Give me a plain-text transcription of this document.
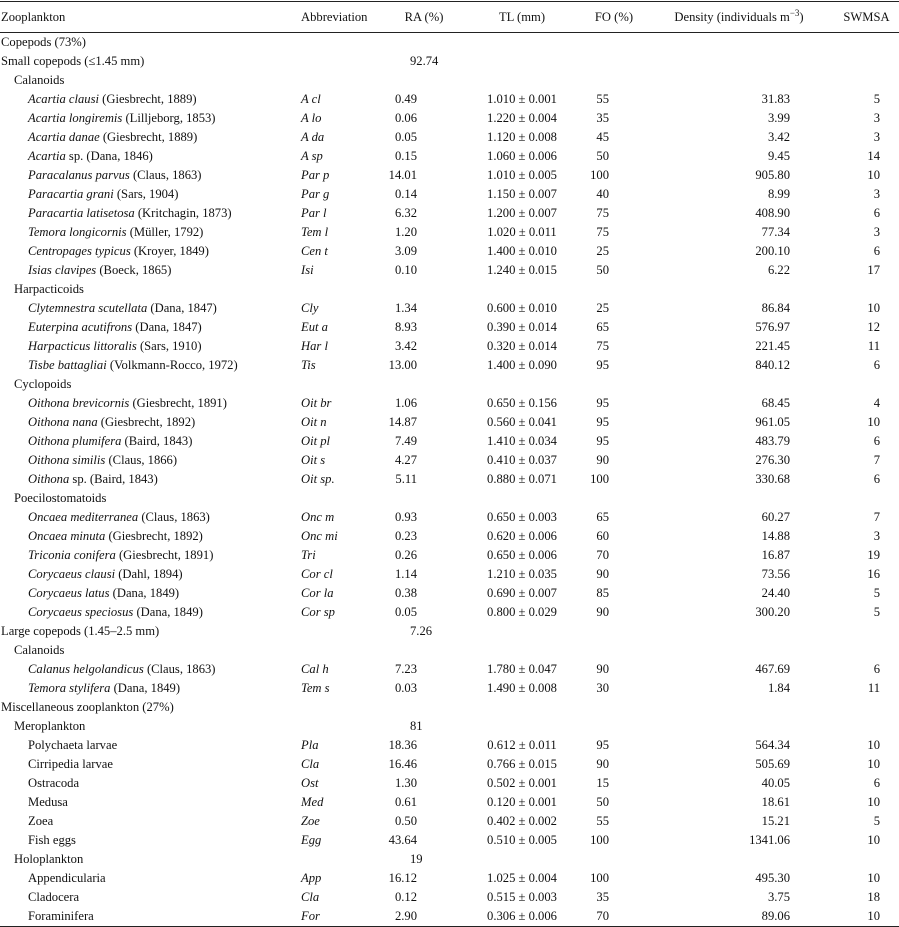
Zooplankton	Abbreviation	RA (%)	TL (mm)	FO (%)	Density (individuals $m^{-3}$)	SWMSA
Copepods (73%)						
Small copepods (≤1.45 mm)		92.74				
Calanoids						
Acartia clausi (Giesbrecht, 1889)	A cl	0.49	1.010 ± 0.001	55	31.83	5
Acartia longiremis (Lilljeborg, 1853)	A lo	0.06	1.220 ± 0.004	35	3.99	3
Acartia danae (Giesbrecht, 1889)	A da	0.05	1.120 ± 0.008	45	3.42	3
Acartia sp. (Dana, 1846)	A sp	0.15	1.060 ± 0.006	50	9.45	14
Paracalanus parvus (Claus, 1863)	Par p	14.01	1.010 ± 0.005	100	905.80	10
Paracartia grani (Sars, 1904)	Par g	0.14	1.150 ± 0.007	40	8.99	3
Paracartia latisetosa (Kritchagin, 1873)	Par l	6.32	1.200 ± 0.007	75	408.90	6
Temora longicornis (Müller, 1792)	Tem l	1.20	1.020 ± 0.011	75	77.34	3
Centropages typicus (Kroyer, 1849)	Cen t	3.09	1.400 ± 0.010	25	200.10	6
Isias clavipes (Boeck, 1865)	Isi	0.10	1.240 ± 0.015	50	6.22	17
Harpacticoids						
Clytemnestra scutellata (Dana, 1847)	Cly	1.34	0.600 ± 0.010	25	86.84	10
Euterpina acutifrons (Dana, 1847)	Eut a	8.93	0.390 ± 0.014	65	576.97	12
Harpacticus littoralis (Sars, 1910)	Har l	3.42	0.320 ± 0.014	75	221.45	11
Tisbe battagliai (Volkmann-Rocco, 1972)	Tis	13.00	1.400 ± 0.090	95	840.12	6
Cyclopoids						
Oithona brevicornis (Giesbrecht, 1891)	Oit br	1.06	0.650 ± 0.156	95	68.45	4
Oithona nana (Giesbrecht, 1892)	Oit n	14.87	0.560 ± 0.041	95	961.05	10
Oithona plumifera (Baird, 1843)	Oit pl	7.49	1.410 ± 0.034	95	483.79	6
Oithona similis (Claus, 1866)	Oit s	4.27	0.410 ± 0.037	90	276.30	7
Oithona sp. (Baird, 1843)	Oit sp.	5.11	0.880 ± 0.071	100	330.68	6
Poecilostomatoids						
Oncaea mediterranea (Claus, 1863)	Onc m	0.93	0.650 ± 0.003	65	60.27	7
Oncaea minuta (Giesbrecht, 1892)	Onc mi	0.23	0.620 ± 0.006	60	14.88	3
Triconia conifera (Giesbrecht, 1891)	Tri	0.26	0.650 ± 0.006	70	16.87	19
Corycaeus clausi (Dahl, 1894)	Cor cl	1.14	1.210 ± 0.035	90	73.56	16
Corycaeus latus (Dana, 1849)	Cor la	0.38	0.690 ± 0.007	85	24.40	5
Corycaeus speciosus (Dana, 1849)	Cor sp	0.05	0.800 ± 0.029	90	300.20	5
Large copepods (1.45–2.5 mm)		7.26				
Calanoids						
Calanus helgolandicus (Claus, 1863)	Cal h	7.23	1.780 ± 0.047	90	467.69	6
Temora stylifera (Dana, 1849)	Tem s	0.03	1.490 ± 0.008	30	1.84	11
Miscellaneous zooplankton (27%)						
Meroplankton		81				
Polychaeta larvae	Pla	18.36	0.612 ± 0.011	95	564.34	10
Cirripedia larvae	Cla	16.46	0.766 ± 0.015	90	505.69	10
Ostracoda	Ost	1.30	0.502 ± 0.001	15	40.05	6
Medusa	Med	0.61	0.120 ± 0.001	50	18.61	10
Zoea	Zoe	0.50	0.402 ± 0.002	55	15.21	5
Fish eggs	Egg	43.64	0.510 ± 0.005	100	1341.06	10
Holoplankton		19				
Appendicularia	App	16.12	1.025 ± 0.004	100	495.30	10
Cladocera	Cla	0.12	0.515 ± 0.003	35	3.75	18
Foraminifera	For	2.90	0.306 ± 0.006	70	89.06	10
